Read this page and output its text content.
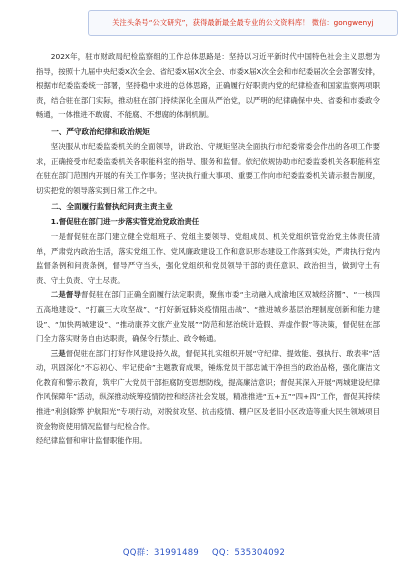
关注头条号“公文研究”，获得最新最全最专业的公文资料库！ 微信：gongwenyj

202X年，驻市财政局纪检监察组的工作总体思路是：坚持以习近平新时代中国特色社会主义思想为指导，按照十九届中央纪委X次全会、省纪委X届X次全会、市委X届X次全会和市纪委届次全会部署安排，根据市纪委监委统一部署，坚持稳中求进的总体思路，正确履行好职责内党的纪律检查和国家监察两项职责，结合驻在部门实际，推动驻在部门持续深化全面从严治党，以严明的纪律确保中央、省委和市委政令畅通，一体推进不敢腐、不能腐、不想腐的体制机制。

一、严守政治纪律和政治规矩

坚决服从市纪委监委机关的全面领导，讲政治、守规矩坚决全面执行市纪委常委会作出的各项工作要求，正确接受市纪委监委机关各职能科室的指导、服务和监督。依纪依规协助市纪委监委机关各职能科室在驻在部门范围内开展的有关工作事务；坚决执行重大事项、重要工作向市纪委监委机关请示报告制度，切实把党的领导落实到日常工作之中。

二、全面履行监督执纪问责主责主业
1.督促驻在部门进一步落实管党治党政治责任

一是督促驻在部门建立健全党组班子、党组主要领导、党组成员、机关党组织管党治党主体责任清单，严肃党内政治生活，落实党组工作、党风廉政建设工作和意识形态建设工作落到实处，严肃执行党内监督条例和问责条例，督导严守当头，强化党组织和党员领导干部的责任意识、政治担当，做到守土有责、守土负责、守土尽责。

二是督导督促驻在部门正确全面履行法定职责，聚焦市委“主动融入成渝地区双城经济圈”、“一核四五高地建设”、“打赢三大攻坚战”、“打好新冠肺炎疫情阻击战”、“推进城乡基层治理制度创新和能力建设”、“加快两城建设”、“推动康养文旅产业发展”“防范和惩治统计造假、弄虚作假”等决策，督促驻在部门全力落实财务自由达职责，确保令行禁止、政令畅通。

三是督促驻在部门打好作风建设持久战，督促其扎实组织开展“守纪律、提效能、强执行、敢表率”活动，巩固深化“不忘初心、牢记使命”主题教育成果，锤炼党员干部忠诚干净担当的政治品格，强化廉洁文化教育和警示教育，筑牢广大党员干部拒腐防变思想防线，提高廉洁意识；督促其深入开展“两城建设纪律作风保障年”活动，纵深推动统筹疫情防控和经济社会发展，精准推进“五+五”“四+四”工作，督促其持续推进“利剑除弊 护航阳光”专项行动，对脱贫攻坚、抗击疫情、棚户区及老旧小区改造等重大民生领域项目资金物资使用情况监督与纪检合作。

经纪律监督和审计监督职能作用。

QQ群：31991489 QQ：535304092
